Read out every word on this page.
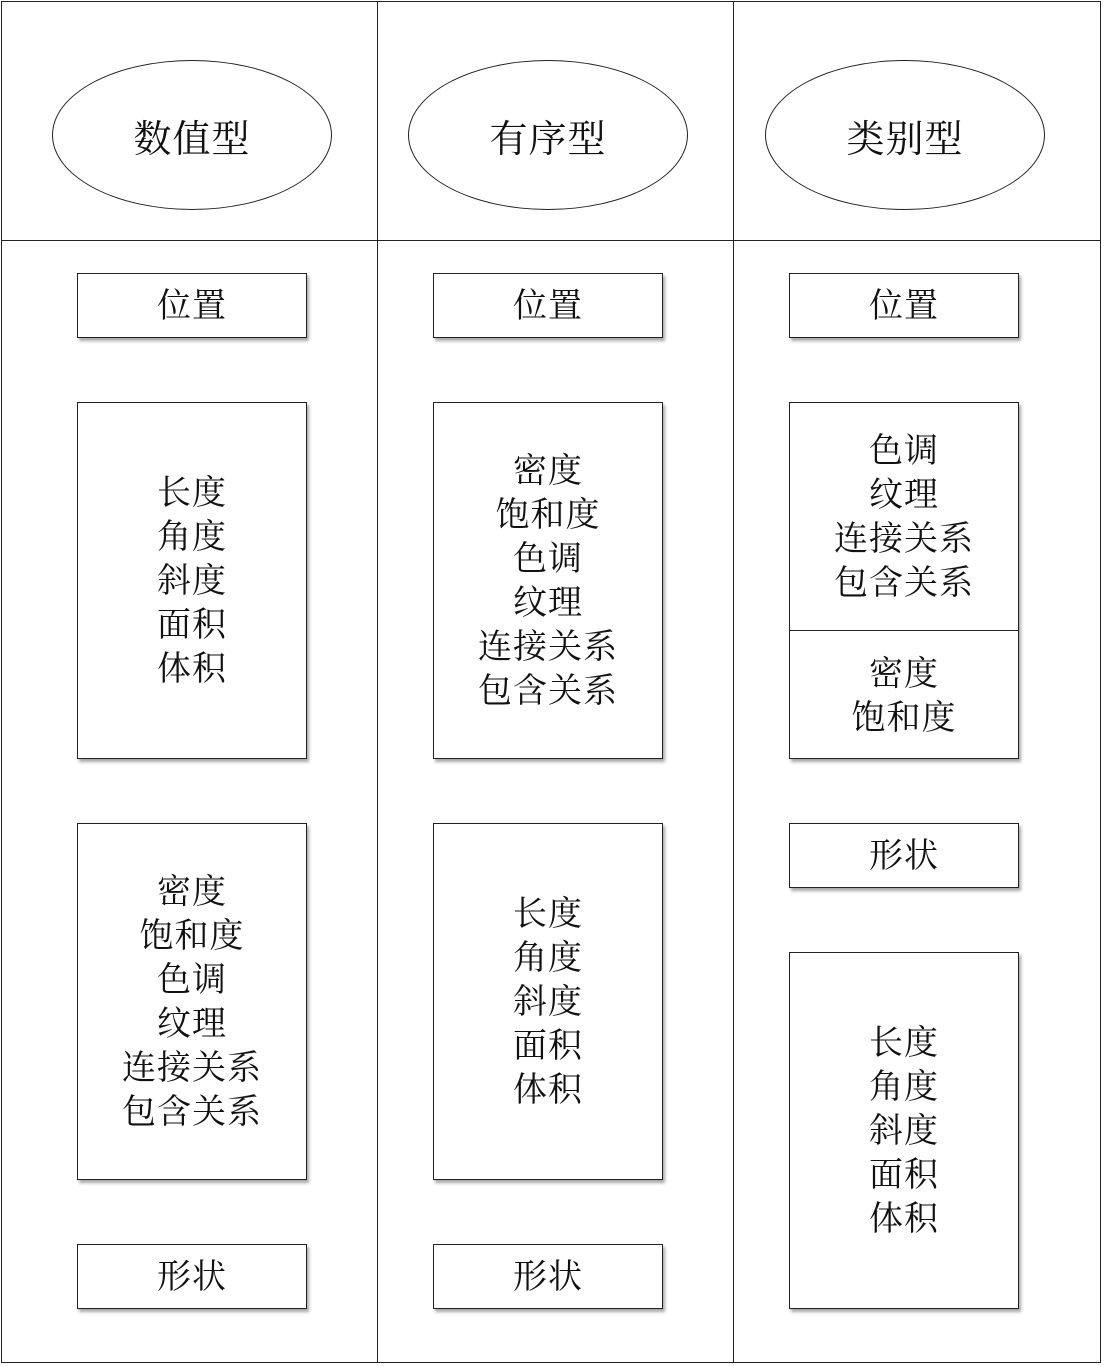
数值型
位置
长度
角度
斜度
面积
体积
密度
饱和度
色调
纹理
连接关系
包含关系
形状
有序型
位置
密度
饱和度
色调
纹理
连接关系
包含关系
长度
角度
斜度
面积
体积
形状
类别型
位置
色调
纹理
连接关系
包含关系
密度
饱和度
形状
长度
角度
斜度
面积
体积
